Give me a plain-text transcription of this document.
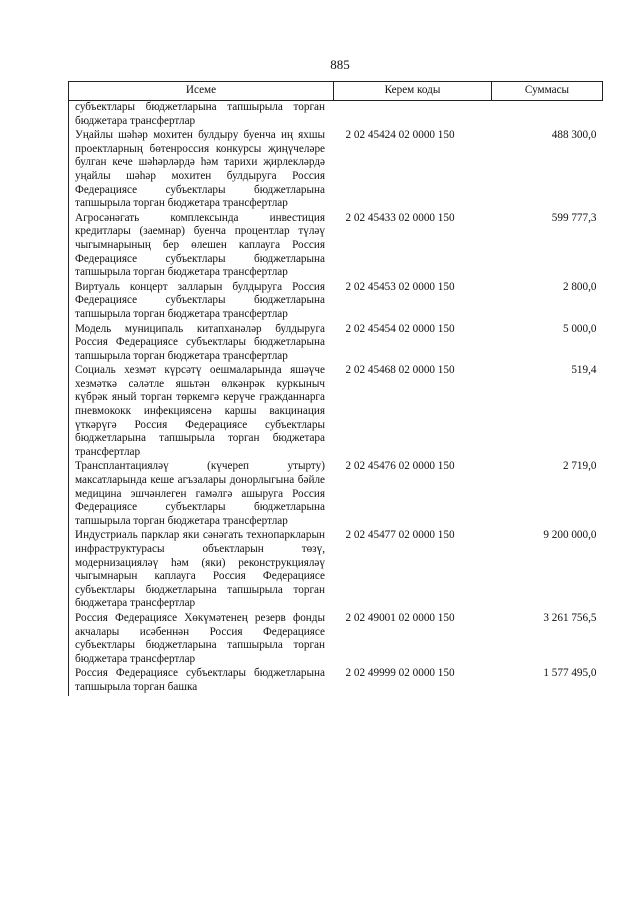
885
Исеме	Керем коды	Суммасы

субъектлары бюджетларына тапшырыла торган бюджетара трансфертлар		

Уңайлы шәһәр мохитен булдыру буенча иң яхшы проектларның бөтенроссия конкурсы җиңүчеләре булган кече шәһәрләрдә һәм тарихи җирлекләрдә уңайлы шәһәр мохитен булдыруга Россия Федерациясе субъектлары бюджетларына тапшырыла торган бюджетара трансфертлар	2 02 45424 02 0000 150	488 300,0

Агросәнәгать комплексында инвестиция кредитлары (заемнар) буенча процентлар түләү чыгымнарының бер өлешен каплауга Россия Федерациясе субъектлары бюджетларына тапшырыла торган бюджетара трансфертлар	2 02 45433 02 0000 150	599 777,3

Виртуаль концерт залларын булдыруга Россия Федерациясе субъектлары бюджетларына тапшырыла торган бюджетара трансфертлар	2 02 45453 02 0000 150	2 800,0

Модель муниципаль китапханәләр булдыруга Россия Федерациясе субъектлары бюджетларына тапшырыла торган бюджетара трансфертлар	2 02 45454 02 0000 150	5 000,0

Социаль хезмәт күрсәтү оешмаларында яшәүче хезмәткә сәләтле яшьтән өлкәнрәк куркыныч күбрәк яный торган төркемгә керүче гражданнарга пневмококк инфекциясенә каршы вакцинация үткәрүгә Россия Федерациясе субъектлары бюджетларына тапшырыла торган бюджетара трансфертлар	2 02 45468 02 0000 150	519,4

Трансплантацияләү (күчереп утырту) максатларында кеше агъзалары донорлыгына бәйле медицина эшчәнлеген гамәлгә ашыруга Россия Федерациясе субъектлары бюджетларына тапшырыла торган бюджетара трансфертлар	2 02 45476 02 0000 150	2 719,0

Индустриаль парклар яки сәнәгать технопаркларын инфраструктурасы объектларын төзү, модернизацияләү һәм (яки) реконструкцияләү чыгымнарын каплауга Россия Федерациясе субъектлары бюджетларына тапшырыла торган бюджетара трансфертлар	2 02 45477 02 0000 150	9 200 000,0

Россия Федерациясе Хөкүмәтенең резерв фонды акчалары исәбеннән Россия Федерациясе субъектлары бюджетларына тапшырыла торган бюджетара трансфертлар	2 02 49001 02 0000 150	3 261 756,5

Россия Федерациясе субъектлары бюджетларына тапшырыла торган башка	2 02 49999 02 0000 150	1 577 495,0
